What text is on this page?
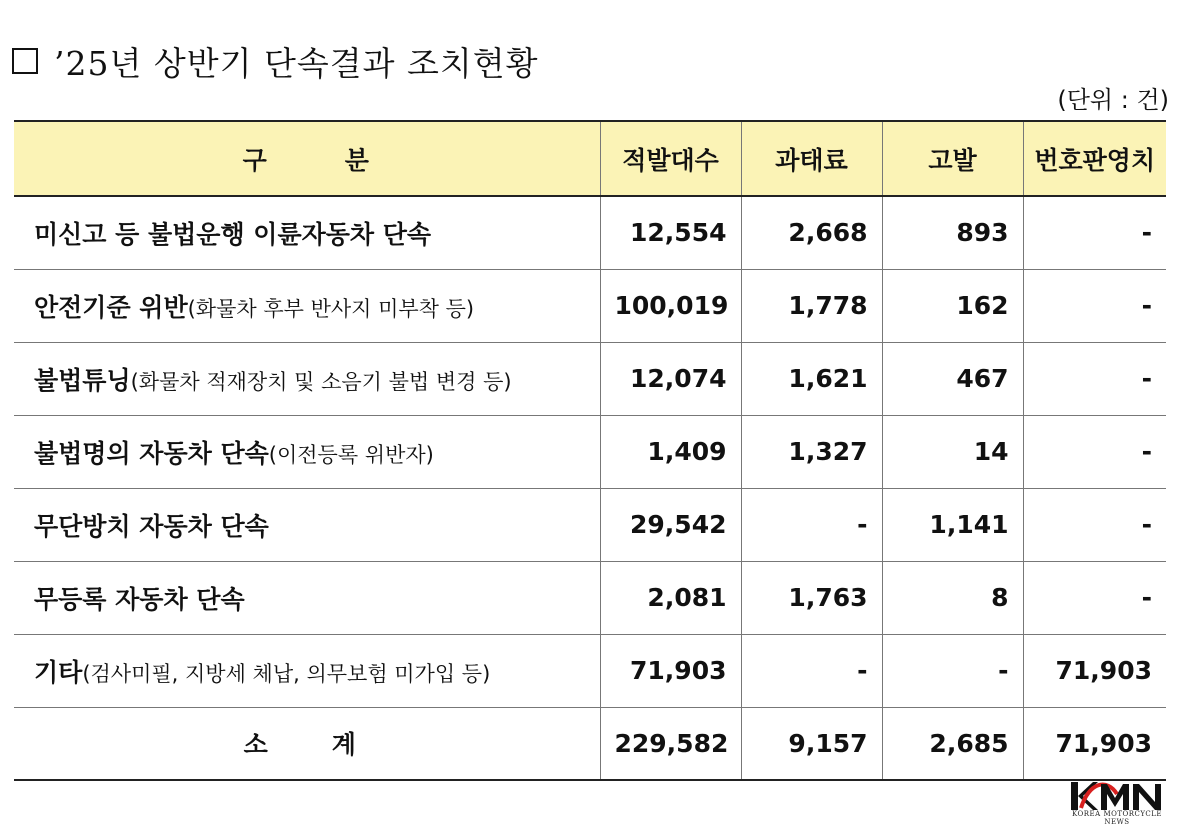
’25년 상반기 단속결과 조치현황
(단위 : 건)
구 분	적발대수	과태료	고발	번호판영치
미신고 등 불법운행 이륜자동차 단속	12,554	2,668	893	-
안전기준 위반(화물차 후부 반사지 미부착 등)	100,019	1,778	162	-
불법튜닝(화물차 적재장치 및 소음기 불법 변경 등)	12,074	1,621	467	-
불법명의 자동차 단속(이전등록 위반자)	1,409	1,327	14	-
무단방치 자동차 단속	29,542	-	1,141	-
무등록 자동차 단속	2,081	1,763	8	-
기타(검사미필, 지방세 체납, 의무보험 미가입 등)	71,903	-	-	71,903
소 계	229,582	9,157	2,685	71,903
KOREA MOTORCYCLE NEWS
